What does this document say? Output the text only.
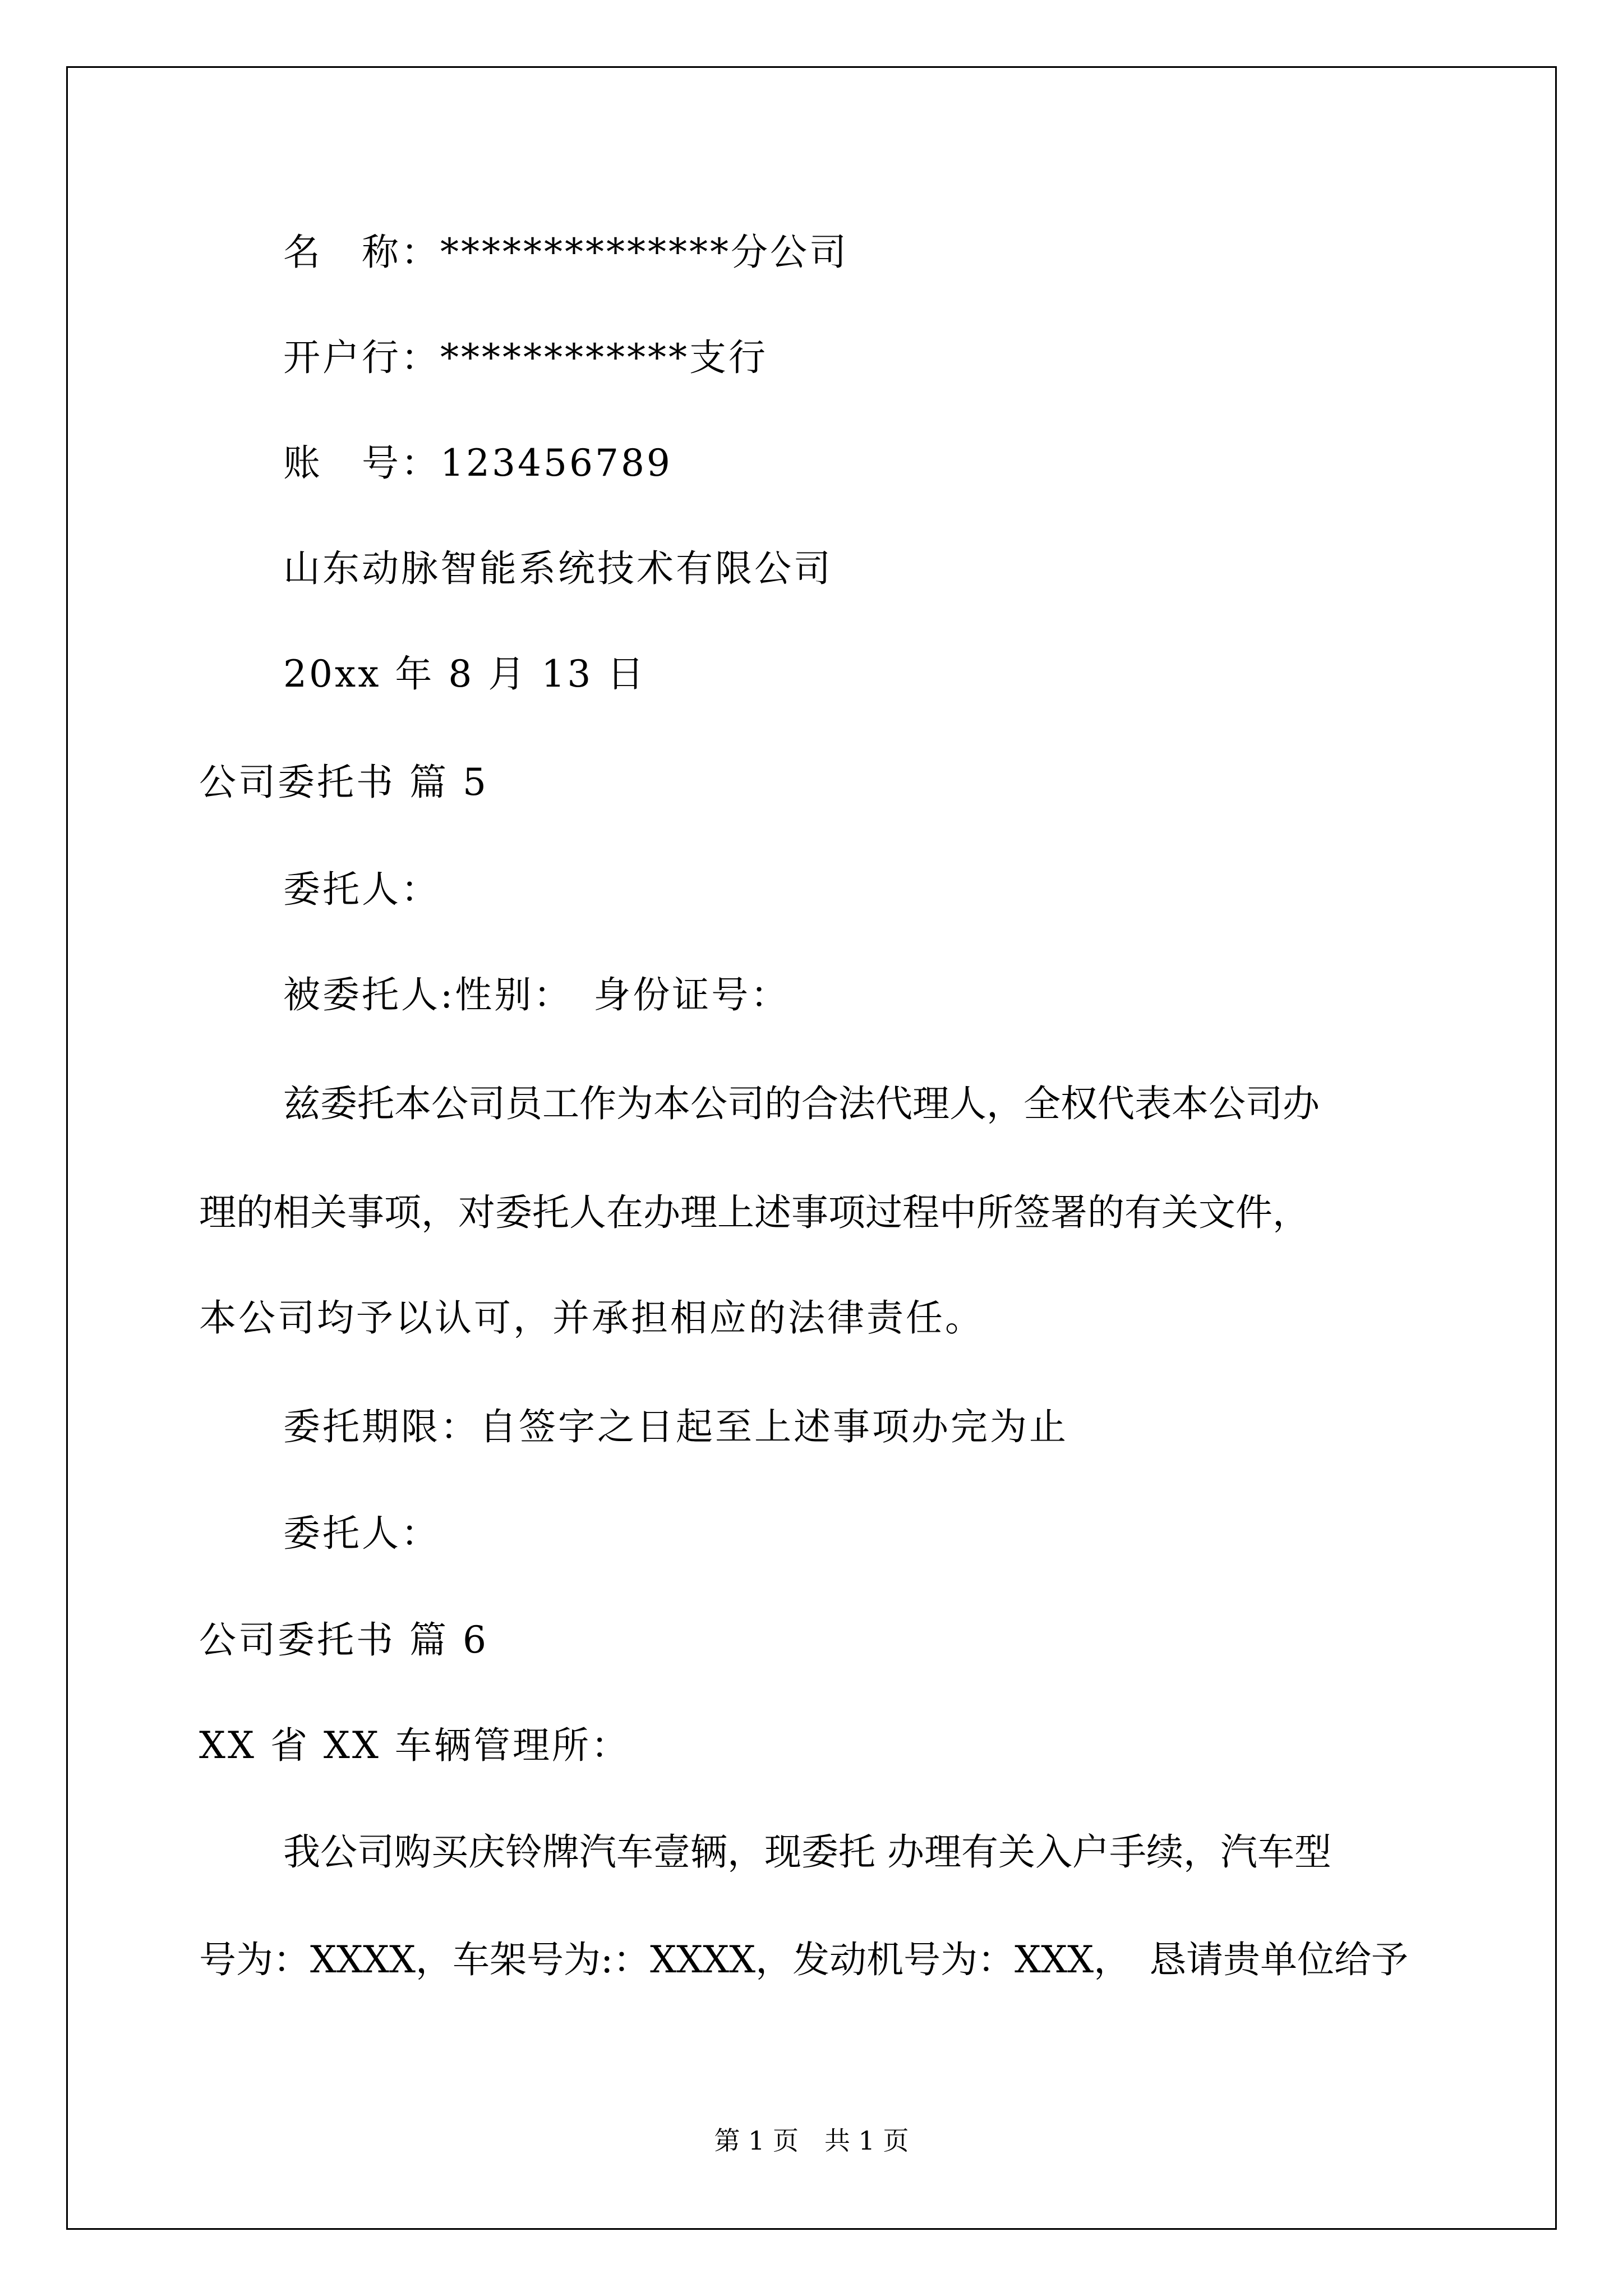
名　称：**************分公司
开户行：************支行
账　号：123456789
山东动脉智能系统技术有限公司
20xx 年 8 月 13 日
公司委托书 篇 5
委托人：
被委托人:性别：　身份证号：
兹委托本公司员工作为本公司的合法代理人，全权代表本公司办
理的相关事项，对委托人在办理上述事项过程中所签署的有关文件，
本公司均予以认可，并承担相应的法律责任。
委托期限：自签字之日起至上述事项办完为止
委托人：
公司委托书 篇 6
XX 省 XX 车辆管理所：
我公司购买庆铃牌汽车壹辆，现委托 办理有关入户手续，汽车型
号为：XXXX，车架号为:：XXXX，发动机号为：XXX，　恳请贵单位给予
第 1 页　共 1 页
